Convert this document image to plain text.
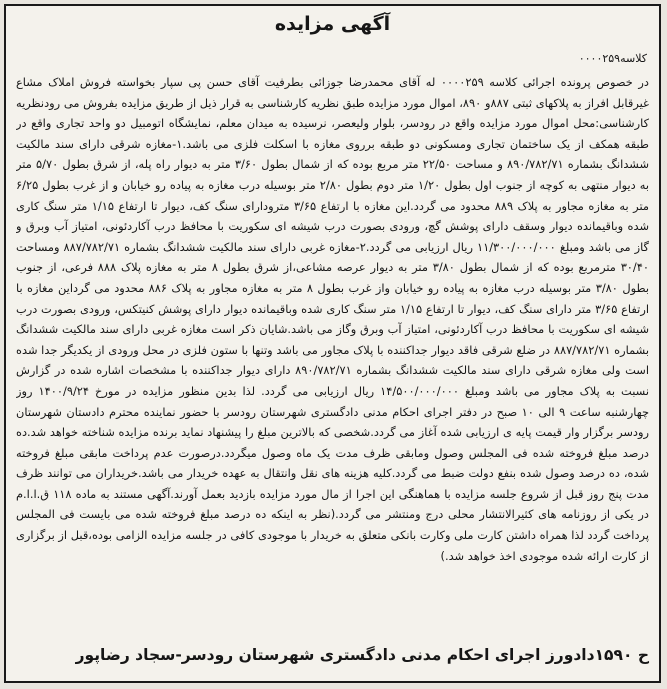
آگهی مزایده
کلاسه۰۰۰۰۲۵۹
در خصوص پرونده اجرائی کلاسه ۰۰۰۰۲۵۹ له آقای محمدرضا جوزائی بطرفیت آقای حسن پی سپار بخواسته فروش املاک مشاع غیرقابل افراز به پلاکهای ثبتی ۸۸۷و ۸۹۰، اموال مورد مزایده طبق نظریه کارشناسی به قرار ذیل از طریق مزایده بفروش می رودنظریه کارشناسی:محل اموال مورد مزایده واقع در رودسر، بلوار ولیعصر، نرسیده به میدان معلم، نمایشگاه اتومبیل دو واحد تجاری واقع در طبقه همکف از یک ساختمان تجاری ومسکونی دو طبقه برروی مغازه با اسکلت فلزی می باشد.۱-مغازه شرقی دارای سند مالکیت ششدانگ بشماره ۸۹۰/۷۸۲/۷۱ و مساحت ۲۲/۵۰ متر مربع بوده که از شمال بطول ۳/۶۰ متر به دیوار راه پله، از شرق بطول ۵/۷۰ متر به دیوار منتهی به کوچه از جنوب اول بطول ۱/۲۰ متر دوم بطول ۲/۸۰ متر بوسیله درب مغازه به پیاده رو خیابان و از غرب بطول ۶/۲۵ متر به مغازه مجاور به پلاک ۸۸۹ محدود می گردد.این مغازه با ارتفاع ۳/۶۵ مترودارای سنگ کف، دیوار تا ارتفاع ۱/۱۵ متر سنگ کاری شده وباقیمانده دیوار وسقف دارای پوشش گچ، ورودی بصورت درب شیشه ای سکوریت با محافظ درب آکاردئونی، امتیاز آب وبرق و گاز می باشد ومبلغ ۱۱/۳۰۰/۰۰۰/۰۰۰ ریال ارزیابی می گردد.۲-مغازه غربی دارای سند مالکیت ششدانگ بشماره ۸۸۷/۷۸۲/۷۱ ومساحت ۳۰/۴۰ مترمربع بوده که از شمال بطول ۳/۸۰ متر به دیوار عرصه مشاعی،از شرق بطول ۸ متر به مغازه پلاک ۸۸۸ فرعی، از جنوب بطول ۳/۸۰ متر بوسیله درب مغازه به پیاده رو خیابان واز غرب بطول ۸ متر به مغازه مجاور به پلاک ۸۸۶ محدود می گرداین مغازه با ارتفاع ۳/۶۵ متر دارای سنگ کف، دیوار تا ارتفاع ۱/۱۵ متر سنگ کاری شده وباقیمانده دیوار دارای پوشش کنیتکس، ورودی بصورت درب شیشه ای سکوریت با محافظ درب آکاردئونی، امتیاز آب وبرق وگاز می باشد.شایان ذکر است مغازه غربی دارای سند مالکیت ششدانگ بشماره ۸۸۷/۷۸۲/۷۱ در ضلع شرقی فاقد دیوار جداکننده با پلاک مجاور می باشد وتنها با ستون فلزی در محل ورودی از یکدیگر جدا شده است ولی مغازه شرقی دارای سند مالکیت ششدانگ بشماره ۸۹۰/۷۸۲/۷۱ دارای دیوار جداکننده با مشخصات اشاره شده در گزارش نسبت به پلاک مجاور می باشد ومبلغ ۱۴/۵۰۰/۰۰۰/۰۰۰ ریال ارزیابی می گردد. لذا بدین منظور مزایده در مورخ ۱۴۰۰/۹/۲۴ روز چهارشنبه ساعت ۹ الی ۱۰ صبح در دفتر اجرای احکام مدنی دادگستری شهرستان رودسر با حضور نماینده محترم دادستان شهرستان رودسر برگزار وار قیمت پایه ی ارزیابی شده آغاز می گردد.شخصی که بالاترین مبلغ را پیشنهاد نماید برنده مزایده شناخته خواهد شد.ده درصد مبلغ فروخته شده فی المجلس وصول ومابقی ظرف مدت یک ماه وصول میگردد.درصورت عدم پرداخت مابقی مبلغ فروخته شده، ده درصد وصول شده بنفع دولت ضبط می گردد.کلیه هزینه های نقل وانتقال به عهده خریدار می باشد.خریداران می توانند ظرف مدت پنج روز قبل از شروع جلسه مزایده با هماهنگی این اجرا از مال مورد مزایده بازدید بعمل آورند.آگهی مستند به ماده ۱۱۸ ق.ا.ا.م در یکی از روزنامه های کثیرالانتشار محلی درج ومنتشر می گردد.(نظر به اینکه ده درصد مبلغ فروخته شده می بایست فی المجلس پرداخت گردد لذا همراه داشتن کارت ملی وکارت بانکی متعلق به خریدار با موجودی کافی در جلسه مزایده الزامی بوده،قبل از برگزاری از کارت ارائه شده موجودی اخذ خواهد شد.)
ح ۱۵۹۰دادورز اجرای احکام مدنی دادگستری شهرستان رودسر-سجاد رضاپور
